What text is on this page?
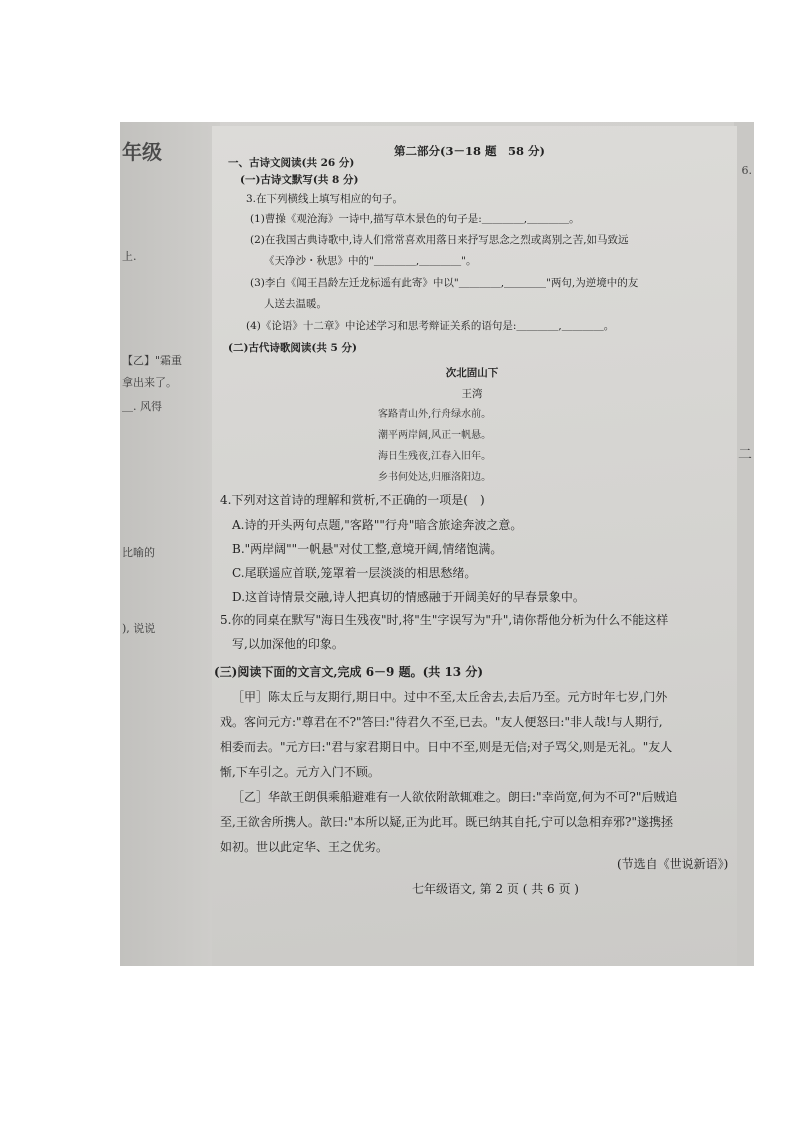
年级
上.
【乙】"霜重
拿出来了。
＿. 风得
比喻的
), 说说
6.
二
第二部分(3－18 题　58 分)
一、古诗文阅读(共 26 分)
(一)古诗文默写(共 8 分)
3.在下列横线上填写相应的句子。
(1)曹操《观沧海》一诗中,描写草木景色的句子是:＿＿＿＿,＿＿＿＿。
(2)在我国古典诗歌中,诗人们常常喜欢用落日来抒写思念之烈或离别之苦,如马致远
《天净沙・秋思》中的"＿＿＿＿,＿＿＿＿"。
(3)李白《闻王昌龄左迁龙标遥有此寄》中以"＿＿＿＿,＿＿＿＿"两句,为逆境中的友
人送去温暖。
(4)《论语》十二章》中论述学习和思考辩证关系的语句是:＿＿＿＿,＿＿＿＿。
(二)古代诗歌阅读(共 5 分)
次北固山下
王湾
客路青山外,行舟绿水前。
潮平两岸阔,风正一帆悬。
海日生残夜,江春入旧年。
乡书何处达,归雁洛阳边。
4.下列对这首诗的理解和赏析,不正确的一项是(　)
A.诗的开头两句点题,"客路""行舟"暗含旅途奔波之意。
B."两岸阔""一帆悬"对仗工整,意境开阔,情绪饱满。
C.尾联遥应首联,笼罩着一层淡淡的相思愁绪。
D.这首诗情景交融,诗人把真切的情感融于开阔美好的早春景象中。
5.你的同桌在默写"海日生残夜"时,将"生"字误写为"升",请你帮他分析为什么不能这样
写,以加深他的印象。
(三)阅读下面的文言文,完成 6－9 题。(共 13 分)
［甲］陈太丘与友期行,期日中。过中不至,太丘舍去,去后乃至。元方时年七岁,门外
戏。客问元方:"尊君在不?"答曰:"待君久不至,已去。"友人便怒曰:"非人哉!与人期行,
相委而去。"元方曰:"君与家君期日中。日中不至,则是无信;对子骂父,则是无礼。"友人
惭,下车引之。元方入门不顾。
［乙］华歆王朗俱乘船避难有一人欲依附歆辄难之。朗曰:"幸尚宽,何为不可?"后贼追
至,王欲舍所携人。歆曰:"本所以疑,正为此耳。既已纳其自托,宁可以急相弃邪?"遂携拯
如初。世以此定华、王之优劣。
(节选自《世说新语》)
七年级语文, 第 2 页 ( 共 6 页 )
